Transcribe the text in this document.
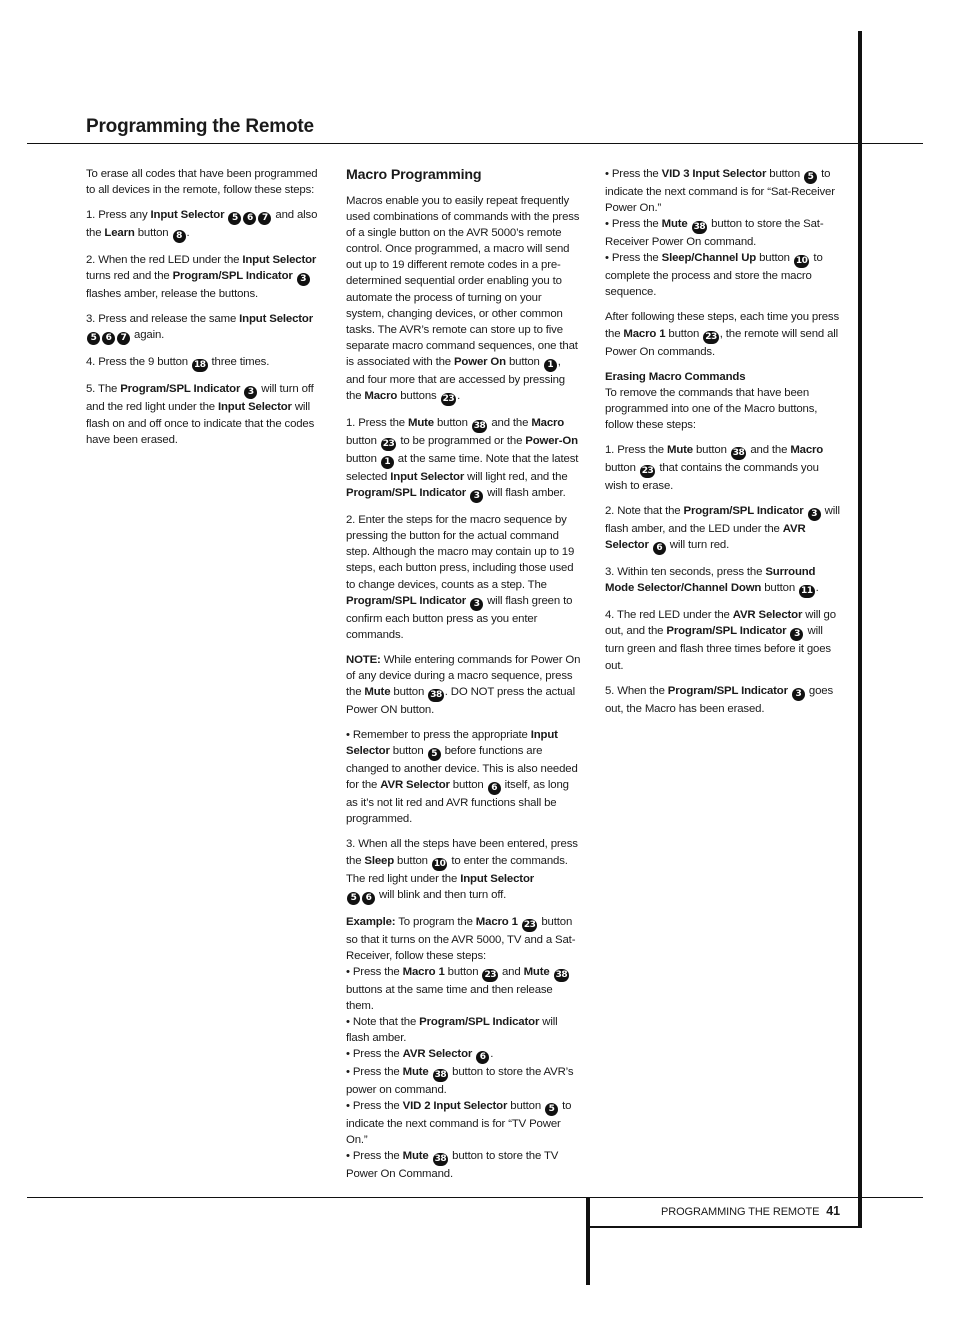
Programming the Remote

To erase all codes that have been programmed to all devices in the remote, follow these steps:

1. Press any Input Selector 5 6 7 and also the Learn button 8 .

2. When the red LED under the Input Selector turns red and the Program/SPL Indicator 3 flashes amber, release the buttons.

3. Press and release the same Input Selector 5 6 7 again.

4. Press the 9 button 18 three times.

5. The Program/SPL Indicator 3 will turn off and the red light under the Input Selector will flash on and off once to indicate that the codes have been erased.

Macro Programming

Macros enable you to easily repeat frequently used combinations of commands with the press of a single button on the AVR 5000’s remote control. Once programmed, a macro will send out up to 19 different remote codes in a pre-determined sequential order enabling you to automate the process of turning on your system, changing devices, or other common tasks. The AVR’s remote can store up to five separate macro command sequences, one that is associated with the Power On button 1 , and four more that are accessed by pressing the Macro buttons 23 .

1. Press the Mute button 38 and the Macro button 23 to be programmed or the Power-On button 1 at the same time. Note that the latest selected Input Selector will light red, and the Program/SPL Indicator 3 will flash amber.

2. Enter the steps for the macro sequence by pressing the button for the actual command step. Although the macro may contain up to 19 steps, each button press, including those used to change devices, counts as a step. The Program/SPL Indicator 3 will flash green to confirm each button press as you enter commands.

NOTE: While entering commands for Power On of any device during a macro sequence, press the Mute button 38 . DO NOT press the actual Power ON button.

• Remember to press the appropriate Input Selector button 5 before functions are changed to another device. This is also needed for the AVR Selector button 6 itself, as long as it’s not lit red and AVR functions shall be programmed.

3. When all the steps have been entered, press the Sleep button 10 to enter the commands. The red light under the Input Selector
5 6 will blink and then turn off.

Example: To program the Macro 1 23 button so that it turns on the AVR 5000, TV and a Sat-Receiver, follow these steps:

• Press the Macro 1 button 23 and Mute 38 buttons at the same time and then release them.

• Note that the Program/SPL Indicator will flash amber.

• Press the AVR Selector 6 .

• Press the Mute 38 button to store the AVR’s power on command.

• Press the VID 2 Input Selector button 5 to indicate the next command is for “TV Power On.”

• Press the Mute 38 button to store the TV Power On Command.

• Press the VID 3 Input Selector button 5 to indicate the next command is for “Sat-Receiver Power On.”

• Press the Mute 38 button to store the Sat-Receiver Power On command.

• Press the Sleep/Channel Up button 10 to complete the process and store the macro sequence.

After following these steps, each time you press the Macro 1 button 23 , the remote will send all Power On commands.

Erasing Macro Commands

To remove the commands that have been programmed into one of the Macro buttons, follow these steps:

1. Press the Mute button 38 and the Macro button 23 that contains the commands you wish to erase.

2. Note that the Program/SPL Indicator 3 will flash amber, and the LED under the AVR Selector 6 will turn red.

3. Within ten seconds, press the Surround Mode Selector/Channel Down button 11 .

4. The red LED under the AVR Selector will go out, and the Program/SPL Indicator 3 will turn green and flash three times before it goes out.

5. When the Program/SPL Indicator 3 goes out, the Macro has been erased.

PROGRAMMING THE REMOTE 41
